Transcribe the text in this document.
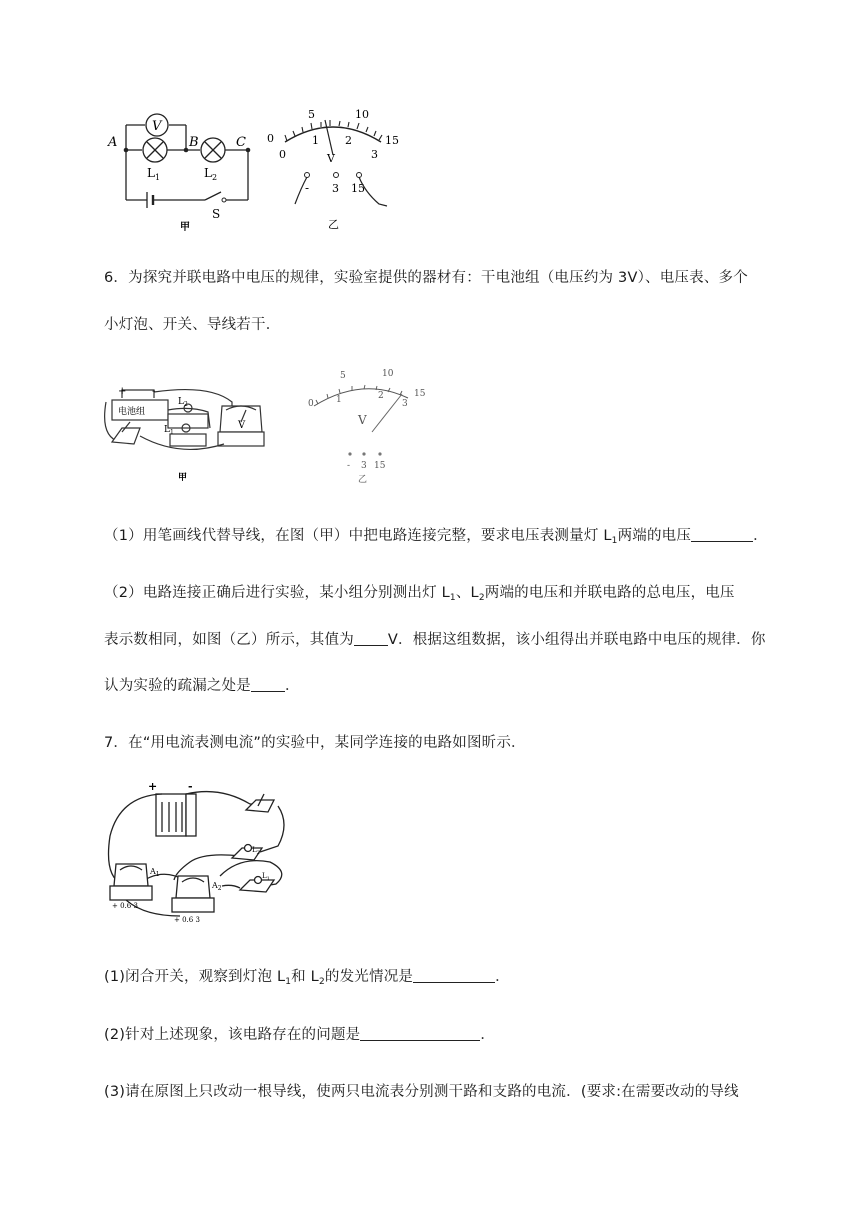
V
A	B	C
$L_1$	$L_2$
S
甲
5	10
15
0
0
1 2
3
V
- 3 15
乙
6．为探究并联电路中电压的规律，实验室提供的器材有：干电池组（电压约为 3V）、电压表、多个
小灯泡、开关、导线若干．
+	-
电池组
$L_2$
$L_1$
V
甲
0
5	10
15
1	2
3
V
- 3 15
乙
（1）用笔画线代替导线，在图（甲）中把电路连接完整，要求电压表测量灯 $L_1$两端的电压	．
（2）电路连接正确后进行实验，某小组分别测出灯 $L_1$、$L_2$两端的电压和并联电路的总电压，电压
表示数相同，如图（乙）所示，其值为 V．根据这组数据，该小组得出并联电路中电压的规律．你
认为实验的疏漏之处是 ．
7．在“用电流表测电流”的实验中，某同学连接的电路如图昕示．
+	-
$A_1$
$A_2$
$L_2$
$L_1$
+ 0.6 3
+ 0.6 3
(1)闭合开关，观察到灯泡 $L_1$和 $L_2$的发光情况是	．
(2)针对上述现象，该电路存在的问题是	．
(3)请在原图上只改动一根导线，使两只电流表分别测干路和支路的电流．(要求:在需要改动的导线
